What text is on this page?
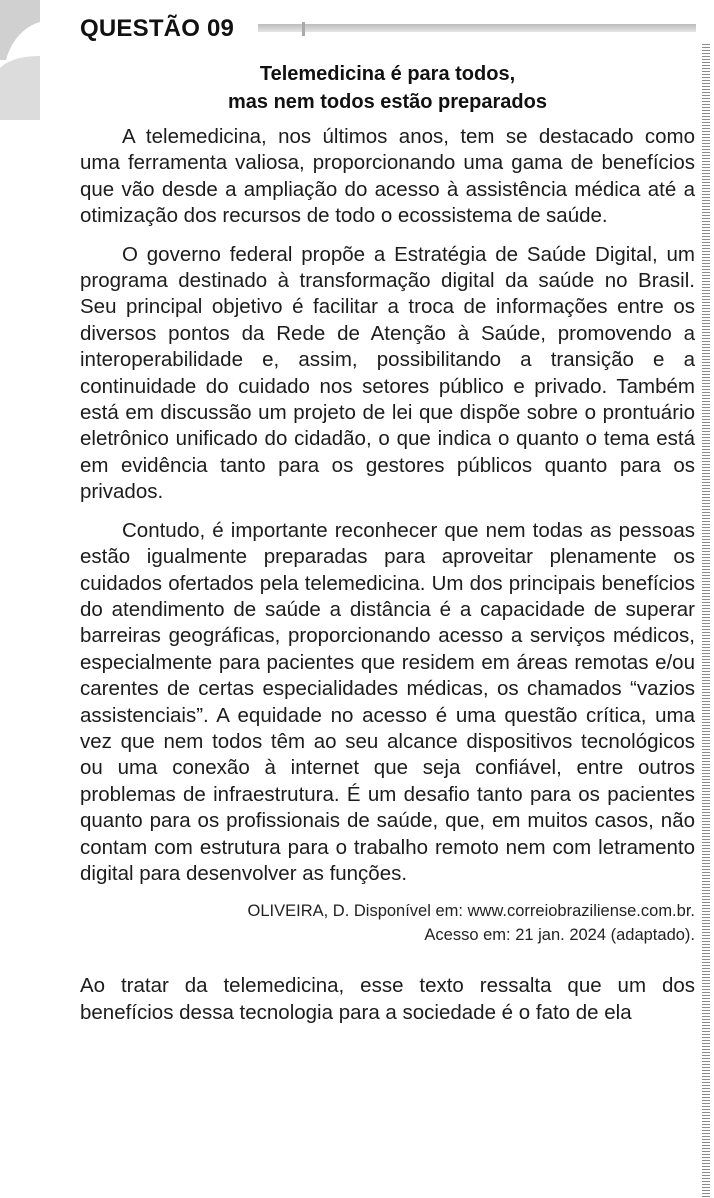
QUESTÃO 09
Telemedicina é para todos,
mas nem todos estão preparados

A telemedicina, nos últimos anos, tem se destacado como uma ferramenta valiosa, proporcionando uma gama de benefícios que vão desde a ampliação do acesso à assistência médica até a otimização dos recursos de todo o ecossistema de saúde.

O governo federal propõe a Estratégia de Saúde Digital, um programa destinado à transformação digital da saúde no Brasil. Seu principal objetivo é facilitar a troca de informações entre os diversos pontos da Rede de Atenção à Saúde, promovendo a interoperabilidade e, assim, possibilitando a transição e a continuidade do cuidado nos setores público e privado. Também está em discussão um projeto de lei que dispõe sobre o prontuário eletrônico unificado do cidadão, o que indica o quanto o tema está em evidência tanto para os gestores públicos quanto para os privados.

Contudo, é importante reconhecer que nem todas as pessoas estão igualmente preparadas para aproveitar plenamente os cuidados ofertados pela telemedicina. Um dos principais benefícios do atendimento de saúde a distância é a capacidade de superar barreiras geográficas, proporcionando acesso a serviços médicos, especialmente para pacientes que residem em áreas remotas e/ou carentes de certas especialidades médicas, os chamados “vazios assistenciais”. A equidade no acesso é uma questão crítica, uma vez que nem todos têm ao seu alcance dispositivos tecnológicos ou uma conexão à internet que seja confiável, entre outros problemas de infraestrutura. É um desafio tanto para os pacientes quanto para os profissionais de saúde, que, em muitos casos, não contam com estrutura para o trabalho remoto nem com letramento digital para desenvolver as funções.

OLIVEIRA, D. Disponível em: www.correiobraziliense.com.br.
Acesso em: 21 jan. 2024 (adaptado).

Ao tratar da telemedicina, esse texto ressalta que um dos benefícios dessa tecnologia para a sociedade é o fato de ela
